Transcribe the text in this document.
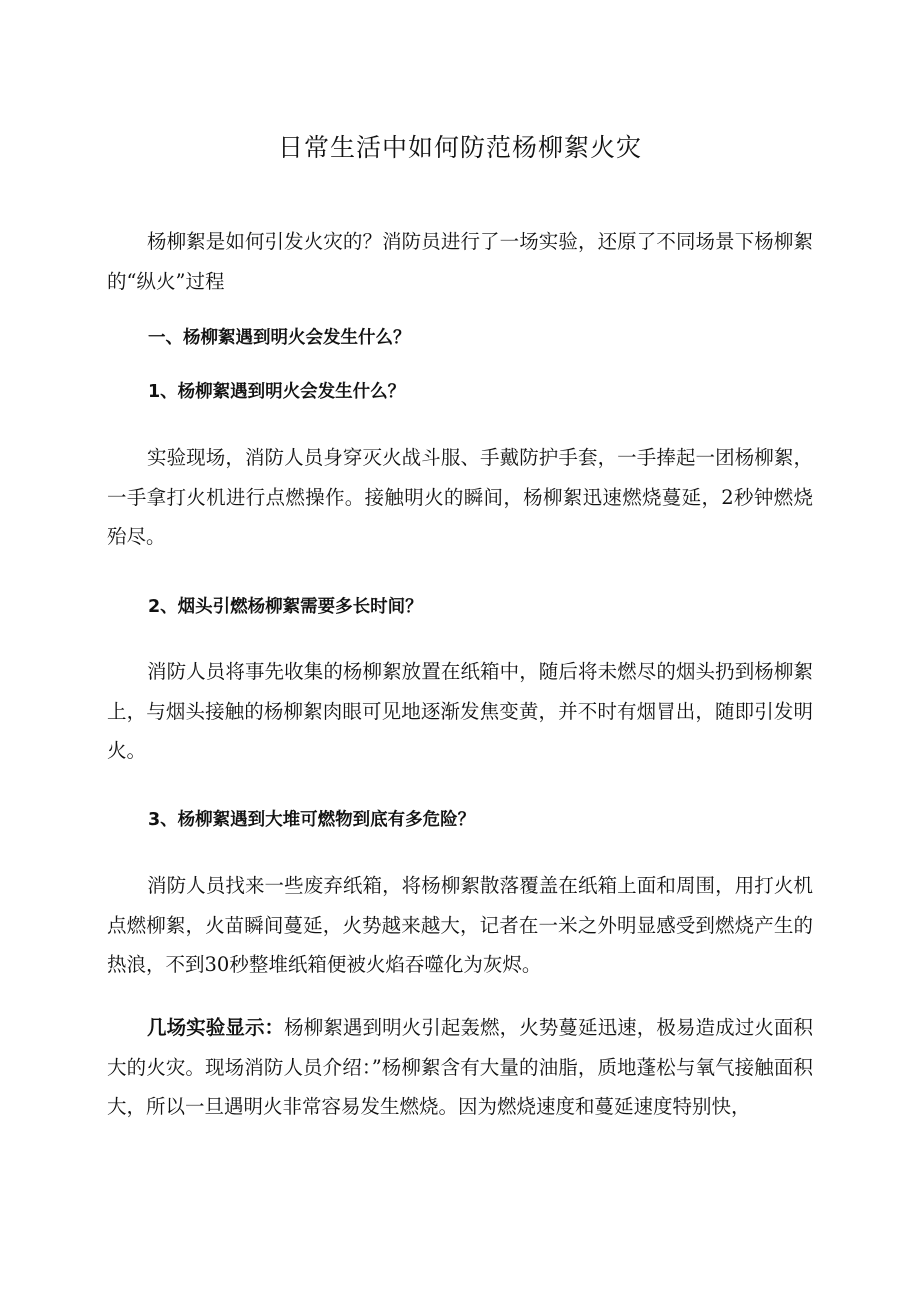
日常生活中如何防范杨柳絮火灾

杨柳絮是如何引发火灾的？消防员进行了一场实验，还原了不同场景下杨柳絮的“纵火”过程

一、杨柳絮遇到明火会发生什么？

1、杨柳絮遇到明火会发生什么？

实验现场，消防人员身穿灭火战斗服、手戴防护手套，一手捧起一团杨柳絮，一手拿打火机进行点燃操作。接触明火的瞬间，杨柳絮迅速燃烧蔓延，2秒钟燃烧殆尽。

2、烟头引燃杨柳絮需要多长时间？

消防人员将事先收集的杨柳絮放置在纸箱中，随后将未燃尽的烟头扔到杨柳絮上，与烟头接触的杨柳絮肉眼可见地逐渐发焦变黄，并不时有烟冒出，随即引发明火。

3、杨柳絮遇到大堆可燃物到底有多危险？

消防人员找来一些废弃纸箱，将杨柳絮散落覆盖在纸箱上面和周围，用打火机点燃柳絮，火苗瞬间蔓延，火势越来越大，记者在一米之外明显感受到燃烧产生的热浪，不到30秒整堆纸箱便被火焰吞噬化为灰烬。

几场实验显示：杨柳絮遇到明火引起轰燃，火势蔓延迅速，极易造成过火面积大的火灾。现场消防人员介绍：”杨柳絮含有大量的油脂，质地蓬松与氧气接触面积大，所以一旦遇明火非常容易发生燃烧。因为燃烧速度和蔓延速度特别快，
